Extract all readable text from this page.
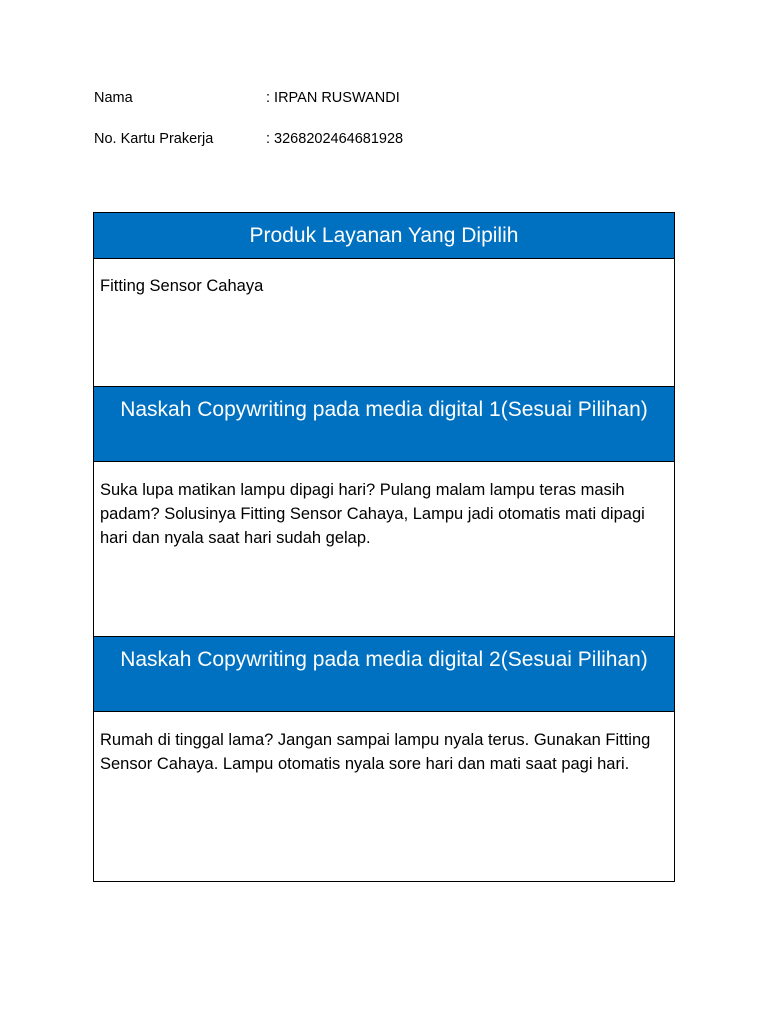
Nama	: IRPAN RUSWANDI
No. Kartu Prakerja	: 3268202464681928
Produk Layanan Yang Dipilih
Fitting Sensor Cahaya
Naskah Copywriting pada media digital 1(Sesuai Pilihan)
Suka lupa matikan lampu dipagi hari? Pulang malam lampu teras masih padam? Solusinya Fitting Sensor Cahaya, Lampu jadi otomatis mati dipagi hari dan nyala saat hari sudah gelap.
Naskah Copywriting pada media digital 2(Sesuai Pilihan)
Rumah di tinggal lama? Jangan sampai lampu nyala terus. Gunakan Fitting Sensor Cahaya. Lampu otomatis nyala sore hari dan mati saat pagi hari.
